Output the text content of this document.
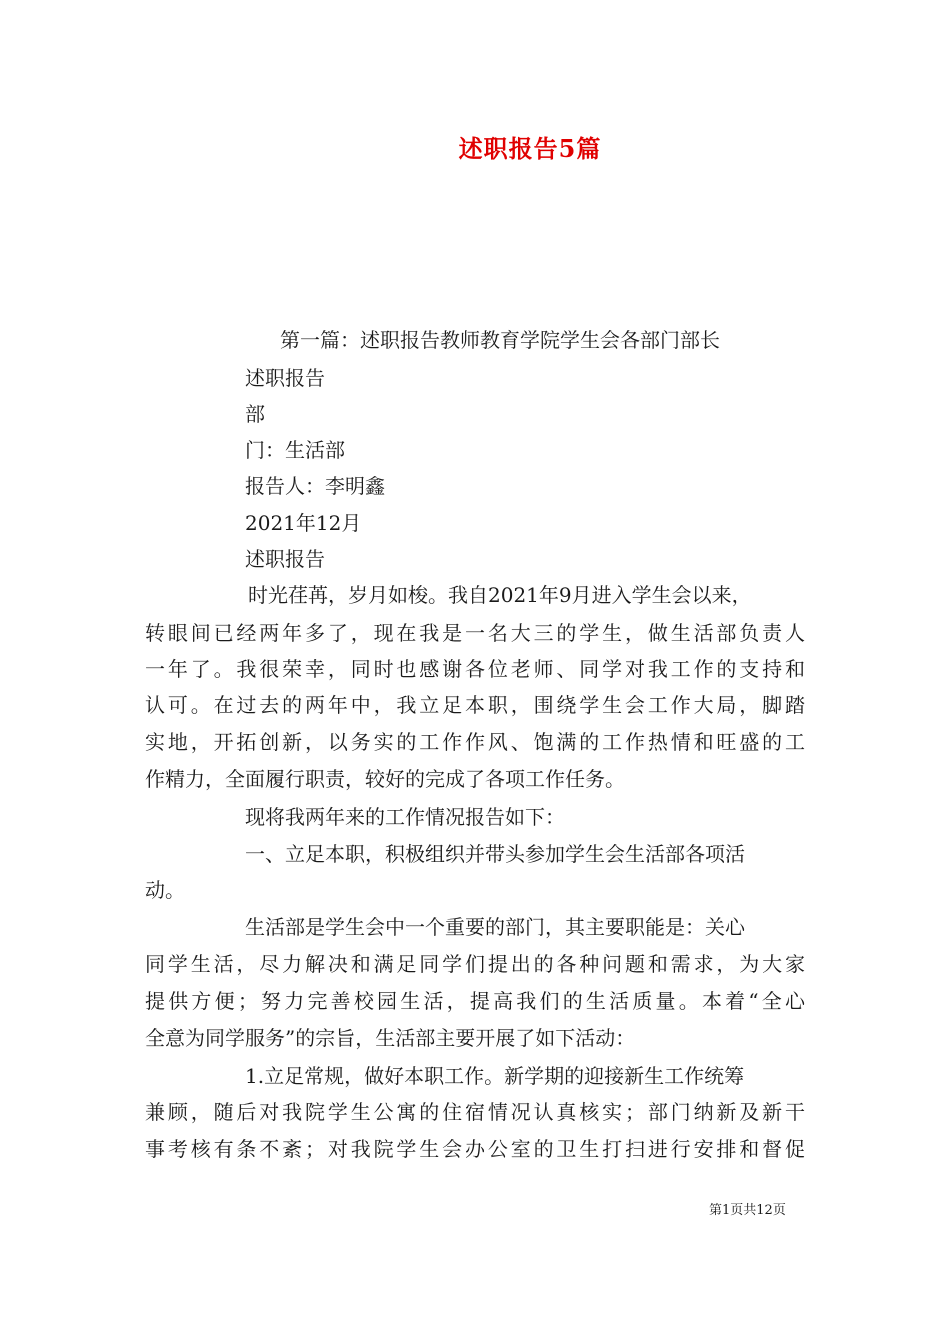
述职报告5篇
第一篇：述职报告教师教育学院学生会各部门部长
述职报告
部
门：生活部
报告人：李明鑫
2021年12月
述职报告
时光荏苒，岁月如梭。我自2021年9月进入学生会以来，
转眼间已经两年多了，现在我是一名大三的学生，做生活部负责人
一年了。我很荣幸，同时也感谢各位老师、同学对我工作的支持和
认可。在过去的两年中，我立足本职，围绕学生会工作大局，脚踏
实地，开拓创新，以务实的工作作风、饱满的工作热情和旺盛的工
作精力，全面履行职责，较好的完成了各项工作任务。
现将我两年来的工作情况报告如下：
一、立足本职，积极组织并带头参加学生会生活部各项活
动。
生活部是学生会中一个重要的部门，其主要职能是：关心
同学生活，尽力解决和满足同学们提出的各种问题和需求，为大家
提供方便；努力完善校园生活，提高我们的生活质量。本着“全心
全意为同学服务”的宗旨，生活部主要开展了如下活动：
1.立足常规，做好本职工作。新学期的迎接新生工作统筹
兼顾，随后对我院学生公寓的住宿情况认真核实；部门纳新及新干
事考核有条不紊；对我院学生会办公室的卫生打扫进行安排和督促
第1页共12页
